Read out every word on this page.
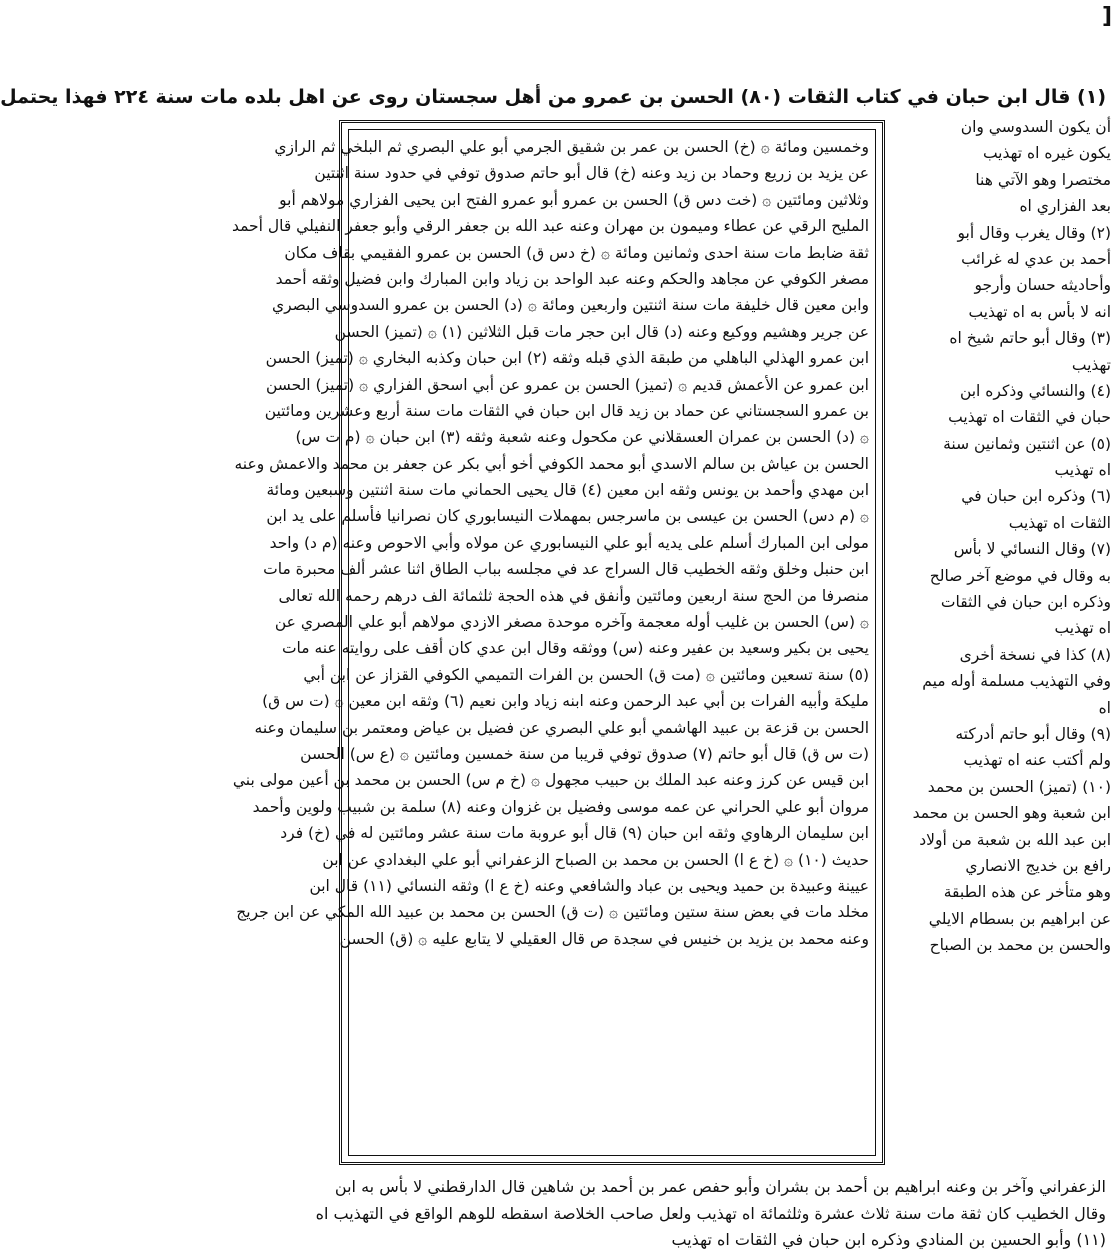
]
(١) قال ابن حبان في كتاب الثقات (٨٠) الحسن بن عمرو من أهل سجستان روى عن اهل بلده مات سنة ٢٢٤ فهذا يحتمل
وخمسين ومائة ۞ (خ) الحسن بن عمر بن شقيق الجرمي أبو علي البصري ثم البلخي ثم الرازي
عن يزيد بن زريع وحماد بن زيد وعنه (خ) قال أبو حاتم صدوق توفي في حدود سنة اثنتين
وثلاثين ومائتين ۞ (خت دس ق) الحسن بن عمرو أبو عمرو الفتح ابن يحيى الفزاري مولاهم أبو
المليح الرقي عن عطاء وميمون بن مهران وعنه عبد الله بن جعفر الرقي وأبو جعفر النفيلي قال أحمد
ثقة ضابط مات سنة احدى وثمانين ومائة ۞ (خ دس ق) الحسن بن عمرو الفقيمي بقاف مكان
مصغر الكوفي عن مجاهد والحكم وعنه عبد الواحد بن زياد وابن المبارك وابن فضيل وثقه أحمد
وابن معين قال خليفة مات سنة اثنتين واربعين ومائة ۞ (د) الحسن بن عمرو السدوسي البصري
عن جرير وهشيم ووكيع وعنه (د) قال ابن حجر مات قبل الثلاثين (١) ۞ (تميز) الحسن
ابن عمرو الهذلي الباهلي من طبقة الذي قبله وثقه (٢) ابن حبان وكذبه البخاري ۞ (تميز) الحسن
ابن عمرو عن الأعمش قديم ۞ (تميز) الحسن بن عمرو عن أبي اسحق الفزاري ۞ (تميز) الحسن
بن عمرو السجستاني عن حماد بن زيد قال ابن حبان في الثقات مات سنة أربع وعشرين ومائتين
۞ (د) الحسن بن عمران العسقلاني عن مكحول وعنه شعبة وثقه (٣) ابن حبان ۞ (م ت س)
الحسن بن عياش بن سالم الاسدي أبو محمد الكوفي أخو أبي بكر عن جعفر بن محمد والاعمش وعنه
ابن مهدي وأحمد بن يونس وثقه ابن معين (٤) قال يحيى الحماني مات سنة اثنتين وسبعين ومائة
۞ (م دس) الحسن بن عيسى بن ماسرجس بمهملات النيسابوري كان نصرانيا فأسلم على يد ابن
مولى ابن المبارك أسلم على يديه أبو علي النيسابوري عن مولاه وأبي الاحوص وعنه (م د) واحد
ابن حنبل وخلق وثقه الخطيب قال السراج عد في مجلسه بباب الطاق اثنا عشر ألف محبرة مات
منصرفا من الحج سنة اربعين ومائتين وأنفق في هذه الحجة ثلثمائة الف درهم رحمه الله تعالى
۞ (س) الحسن بن غليب أوله معجمة وآخره موحدة مصغر الازدي مولاهم أبو علي المصري عن
يحيى بن بكير وسعيد بن عفير وعنه (س) ووثقه وقال ابن عدي كان أقف على روايته عنه مات
(٥) سنة تسعين ومائتين ۞ (مت ق) الحسن بن الفرات التميمي الكوفي القزاز عن ابن أبي
مليكة وأبيه الفرات بن أبي عبد الرحمن وعنه ابنه زياد وابن نعيم (٦) وثقه ابن معين ۞ (ت س ق)
الحسن بن قزعة بن عبيد الهاشمي أبو علي البصري عن فضيل بن عياض ومعتمر بن سليمان وعنه
(ت س ق) قال أبو حاتم (٧) صدوق توفي قريبا من سنة خمسين ومائتين ۞ (ع س) الحسن
ابن قيس عن كرز وعنه عبد الملك بن حبيب مجهول ۞ (خ م س) الحسن بن محمد بن أعين مولى بني
مروان أبو علي الحراني عن عمه موسى وفضيل بن غزوان وعنه (٨) سلمة بن شبيب ولوين وأحمد
ابن سليمان الرهاوي وثقه ابن حبان (٩) قال أبو عروبة مات سنة عشر ومائتين له في (خ) فرد
حديث (١٠) ۞ (خ ع ا) الحسن بن محمد بن الصباح الزعفراني أبو علي البغدادي عن ابن
عيينة وعبيدة بن حميد ويحيى بن عباد والشافعي وعنه (خ ع ا) وثقه النسائي (١١) قال ابن
مخلد مات في بعض سنة ستين ومائتين ۞ (ت ق) الحسن بن محمد بن عبيد الله المكي عن ابن جريج
وعنه محمد بن يزيد بن خنيس في سجدة ص قال العقيلي لا يتابع عليه ۞ (ق) الحسن
أن يكون السدوسي وان
يكون غيره اه تهذيب
مختصرا وهو الآتي هنا
بعد الفزاري اه
(٢) وقال يغرب وقال أبو
أحمد بن عدي له غرائب
وأحاديثه حسان وأرجو
انه لا بأس به اه تهذيب
(٣) وقال أبو حاتم شيخ اه
تهذيب
(٤) والنسائي وذكره ابن
حبان في الثقات اه تهذيب
(٥) عن اثنتين وثمانين سنة
اه تهذيب
(٦) وذكره ابن حبان في
الثقات اه تهذيب
(٧) وقال النسائي لا بأس
به وقال في موضع آخر صالح
وذكره ابن حبان في الثقات
اه تهذيب
(٨) كذا في نسخة أخرى
وفي التهذيب مسلمة أوله ميم
اه
(٩) وقال أبو حاتم أدركته
ولم أكتب عنه اه تهذيب
(١٠) (تميز) الحسن بن محمد
ابن شعبة وهو الحسن بن محمد
ابن عبد الله بن شعبة من أولاد
رافع بن خديج الانصاري
وهو متأخر عن هذه الطبقة
عن ابراهيم بن بسطام الايلي
والحسن بن محمد بن الصباح
الزعفراني وآخر بن وعنه ابراهيم بن أحمد بن بشران وأبو حفص عمر بن أحمد بن شاهين قال الدارقطني لا بأس به ابن
وقال الخطيب كان ثقة مات سنة ثلاث عشرة وثلثمائة اه تهذيب ولعل صاحب الخلاصة اسقطه للوهم الواقع في التهذيب اه
(١١) وأبو الحسين بن المنادي وذكره ابن حبان في الثقات اه تهذيب
